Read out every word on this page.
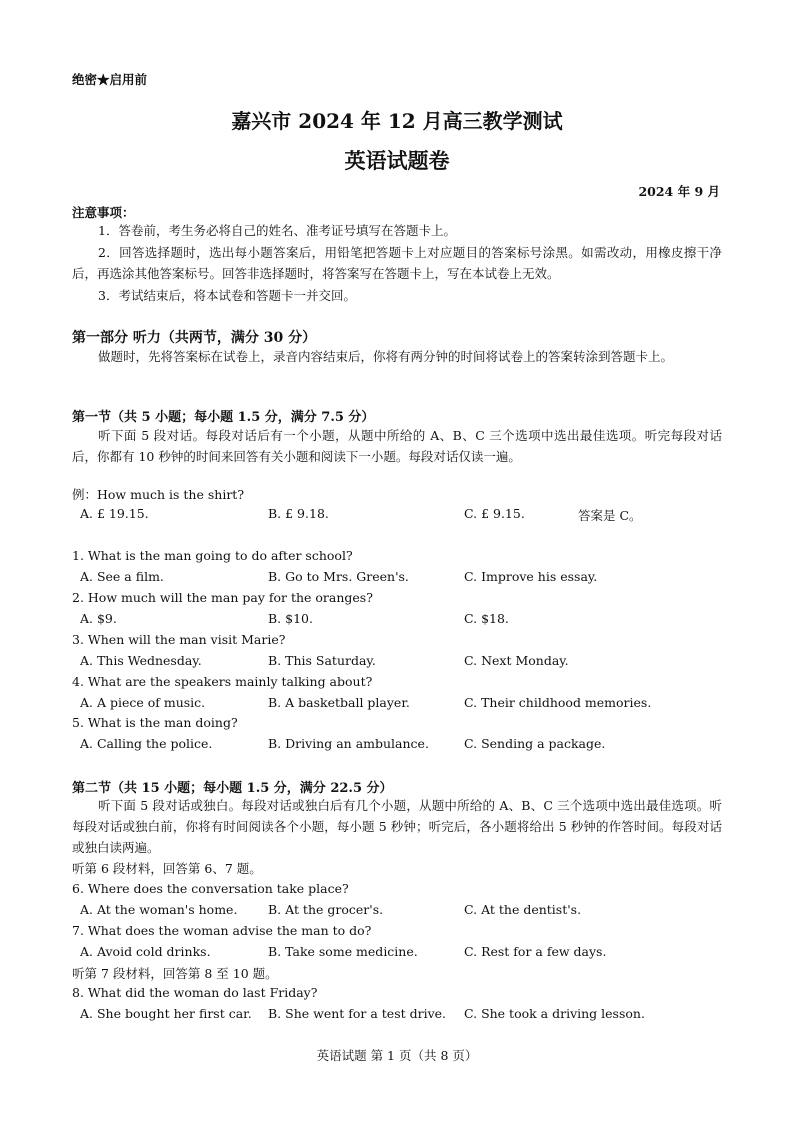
绝密★启用前
嘉兴市 2024 年 12 月高三教学测试
英语试题卷
2024 年 9 月
注意事项：
1．答卷前，考生务必将自己的姓名、准考证号填写在答题卡上。
2．回答选择题时，选出每小题答案后，用铅笔把答题卡上对应题目的答案标号涂黑。如需改动，用橡皮擦干净后，再选涂其他答案标号。回答非选择题时，将答案写在答题卡上，写在本试卷上无效。
3．考试结束后，将本试卷和答题卡一并交回。
第一部分 听力（共两节，满分 30 分）
做题时，先将答案标在试卷上，录音内容结束后，你将有两分钟的时间将试卷上的答案转涂到答题卡上。
第一节（共 5 小题；每小题 1.5 分，满分 7.5 分）
听下面 5 段对话。每段对话后有一个小题，从题中所给的 A、B、C 三个选项中选出最佳选项。听完每段对话后，你都有 10 秒钟的时间来回答有关小题和阅读下一小题。每段对话仅读一遍。
例：How much is the shirt?
A. £ 19.15.	B. £ 9.18.	C. £ 9.15.	答案是 C。
1. What is the man going to do after school?
A. See a film.	B. Go to Mrs. Green's.	C. Improve his essay.
2. How much will the man pay for the oranges?
A. $9.	B. $10.	C. $18.
3. When will the man visit Marie?
A. This Wednesday.	B. This Saturday.	C. Next Monday.
4. What are the speakers mainly talking about?
A. A piece of music.	B. A basketball player.	C. Their childhood memories.
5. What is the man doing?
A. Calling the police.	B. Driving an ambulance.	C. Sending a package.
第二节（共 15 小题；每小题 1.5 分，满分 22.5 分）
听下面 5 段对话或独白。每段对话或独白后有几个小题，从题中所给的 A、B、C 三个选项中选出最佳选项。听每段对话或独白前，你将有时间阅读各个小题，每小题 5 秒钟；听完后，各小题将给出 5 秒钟的作答时间。每段对话或独白读两遍。
听第 6 段材料，回答第 6、7 题。
6. Where does the conversation take place?
A. At the woman's home. B. At the grocer's.	C. At the dentist's.
7. What does the woman advise the man to do?
A. Avoid cold drinks.	B. Take some medicine.	C. Rest for a few days.
听第 7 段材料，回答第 8 至 10 题。
8. What did the woman do last Friday?
A. She bought her first car. B. She went for a test drive. C. She took a driving lesson.
英语试题 第 1 页（共 8 页）
